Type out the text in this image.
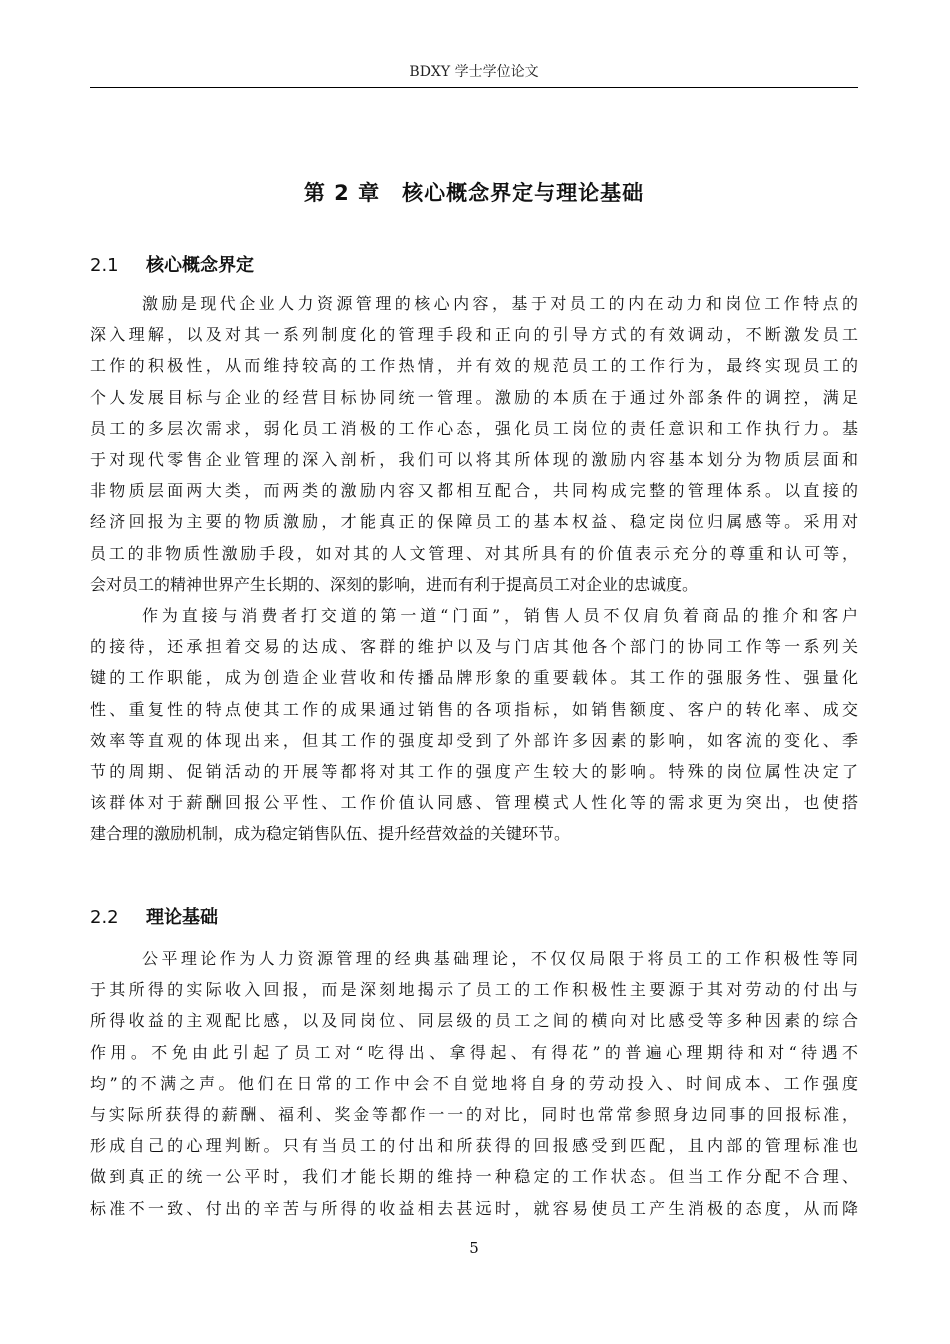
BDXY 学士学位论文
第 2 章　核心概念界定与理论基础
2.1 核心概念界定
激励是现代企业人力资源管理的核心内容，基于对员工的内在动力和岗位工作特点的
深入理解，以及对其一系列制度化的管理手段和正向的引导方式的有效调动，不断激发员工
工作的积极性，从而维持较高的工作热情，并有效的规范员工的工作行为，最终实现员工的
个人发展目标与企业的经营目标协同统一管理。激励的本质在于通过外部条件的调控，满足
员工的多层次需求，弱化员工消极的工作心态，强化员工岗位的责任意识和工作执行力。基
于对现代零售企业管理的深入剖析，我们可以将其所体现的激励内容基本划分为物质层面和
非物质层面两大类，而两类的激励内容又都相互配合，共同构成完整的管理体系。以直接的
经济回报为主要的物质激励，才能真正的保障员工的基本权益、稳定岗位归属感等。采用对
员工的非物质性激励手段，如对其的人文管理、对其所具有的价值表示充分的尊重和认可等，
会对员工的精神世界产生长期的、深刻的影响，进而有利于提高员工对企业的忠诚度。
作为直接与消费者打交道的第一道“门面”，销售人员不仅肩负着商品的推介和客户
的接待，还承担着交易的达成、客群的维护以及与门店其他各个部门的协同工作等一系列关
键的工作职能，成为创造企业营收和传播品牌形象的重要载体。其工作的强服务性、强量化
性、重复性的特点使其工作的成果通过销售的各项指标，如销售额度、客户的转化率、成交
效率等直观的体现出来，但其工作的强度却受到了外部许多因素的影响，如客流的变化、季
节的周期、促销活动的开展等都将对其工作的强度产生较大的影响。特殊的岗位属性决定了
该群体对于薪酬回报公平性、工作价值认同感、管理模式人性化等的需求更为突出，也使搭
建合理的激励机制，成为稳定销售队伍、提升经营效益的关键环节。
2.2 理论基础
公平理论作为人力资源管理的经典基础理论，不仅仅局限于将员工的工作积极性等同
于其所得的实际收入回报，而是深刻地揭示了员工的工作积极性主要源于其对劳动的付出与
所得收益的主观配比感，以及同岗位、同层级的员工之间的横向对比感受等多种因素的综合
作用。不免由此引起了员工对“吃得出、拿得起、有得花”的普遍心理期待和对“待遇不
均”的不满之声。他们在日常的工作中会不自觉地将自身的劳动投入、时间成本、工作强度
与实际所获得的薪酬、福利、奖金等都作一一的对比，同时也常常参照身边同事的回报标准，
形成自己的心理判断。只有当员工的付出和所获得的回报感受到匹配，且内部的管理标准也
做到真正的统一公平时，我们才能长期的维持一种稳定的工作状态。但当工作分配不合理、
标准不一致、付出的辛苦与所得的收益相去甚远时，就容易使员工产生消极的态度，从而降
5
